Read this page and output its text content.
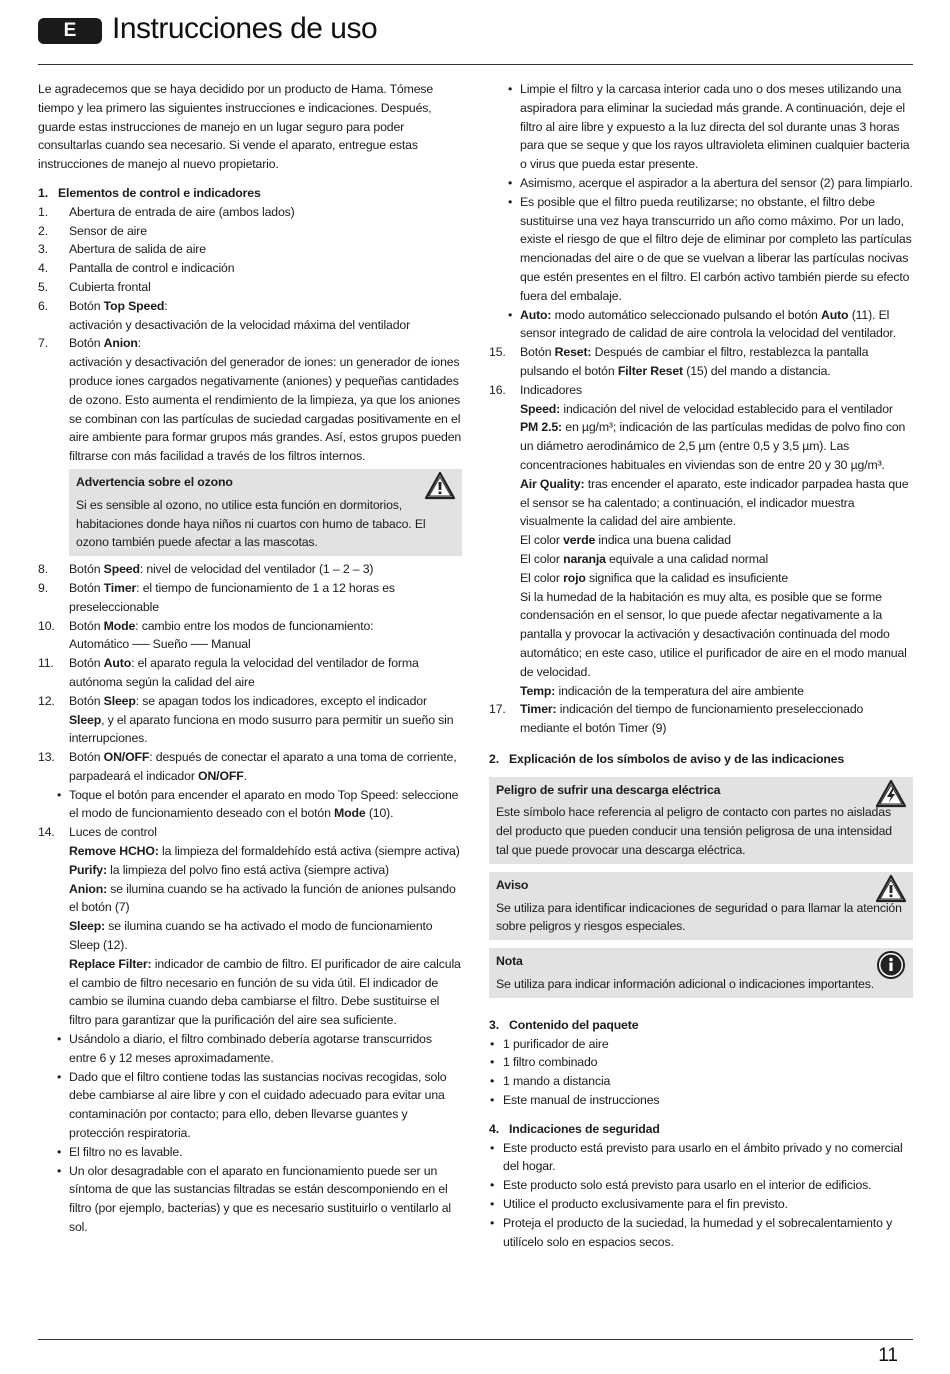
E	Instrucciones de uso

Le agradecemos que se haya decidido por un producto de Hama. Tómese tiempo y lea primero las siguientes instrucciones e indicaciones. Después, guarde estas instrucciones de manejo en un lugar seguro para poder consultarlas cuando sea necesario. Si vende el aparato, entregue estas instrucciones de manejo al nuevo propietario.

1. Elementos de control e indicadores
1. Abertura de entrada de aire (ambos lados)
2. Sensor de aire
3. Abertura de salida de aire
4. Pantalla de control e indicación
5. Cubierta frontal
6. Botón Top Speed:
activación y desactivación de la velocidad máxima del ventilador
7. Botón Anion:
activación y desactivación del generador de iones: un generador de iones produce iones cargados negativamente (aniones) y pequeñas cantidades de ozono. Esto aumenta el rendimiento de la limpieza, ya que los aniones se combinan con las partículas de suciedad cargadas positivamente en el aire ambiente para formar grupos más grandes. Así, estos grupos pueden filtrarse con más facilidad a través de los filtros internos.
Advertencia sobre el ozono
Si es sensible al ozono, no utilice esta función en dormitorios, habitaciones donde haya niños ni cuartos con humo de tabaco. El ozono también puede afectar a las mascotas.
8. Botón Speed: nivel de velocidad del ventilador (1 – 2 – 3)
9. Botón Timer: el tiempo de funcionamiento de 1 a 12 horas es preseleccionable
10. Botón Mode: cambio entre los modos de funcionamiento:
Automático ── Sueño ── Manual
11. Botón Auto: el aparato regula la velocidad del ventilador de forma autónoma según la calidad del aire
12. Botón Sleep: se apagan todos los indicadores, excepto el indicador Sleep, y el aparato funciona en modo susurro para permitir un sueño sin interrupciones.
13. Botón ON/OFF: después de conectar el aparato a una toma de corriente, parpadeará el indicador ON/OFF.
• Toque el botón para encender el aparato en modo Top Speed: seleccione el modo de funcionamiento deseado con el botón Mode (10).
14. Luces de control
Remove HCHO: la limpieza del formaldehído está activa (siempre activa)
Purify: la limpieza del polvo fino está activa (siempre activa)
Anion: se ilumina cuando se ha activado la función de aniones pulsando el botón (7)
Sleep: se ilumina cuando se ha activado el modo de funcionamiento Sleep (12).
Replace Filter: indicador de cambio de filtro. El purificador de aire calcula el cambio de filtro necesario en función de su vida útil. El indicador de cambio se ilumina cuando deba cambiarse el filtro. Debe sustituirse el filtro para garantizar que la purificación del aire sea suficiente.
• Usándolo a diario, el filtro combinado debería agotarse transcurridos entre 6 y 12 meses aproximadamente.
• Dado que el filtro contiene todas las sustancias nocivas recogidas, solo debe cambiarse al aire libre y con el cuidado adecuado para evitar una contaminación por contacto; para ello, deben llevarse guantes y protección respiratoria.
• El filtro no es lavable.
• Un olor desagradable con el aparato en funcionamiento puede ser un síntoma de que las sustancias filtradas se están descomponiendo en el filtro (por ejemplo, bacterias) y que es necesario sustituirlo o ventilarlo al sol.
• Limpie el filtro y la carcasa interior cada uno o dos meses utilizando una aspiradora para eliminar la suciedad más grande. A continuación, deje el filtro al aire libre y expuesto a la luz directa del sol durante unas 3 horas para que se seque y que los rayos ultravioleta eliminen cualquier bacteria o virus que pueda estar presente.
• Asimismo, acerque el aspirador a la abertura del sensor (2) para limpiarlo.
• Es posible que el filtro pueda reutilizarse; no obstante, el filtro debe sustituirse una vez haya transcurrido un año como máximo. Por un lado, existe el riesgo de que el filtro deje de eliminar por completo las partículas mencionadas del aire o de que se vuelvan a liberar las partículas nocivas que estén presentes en el filtro. El carbón activo también pierde su efecto fuera del embalaje.
• Auto: modo automático seleccionado pulsando el botón Auto (11). El sensor integrado de calidad de aire controla la velocidad del ventilador.
15. Botón Reset: Después de cambiar el filtro, restablezca la pantalla pulsando el botón Filter Reset (15) del mando a distancia.
16. Indicadores
Speed: indicación del nivel de velocidad establecido para el ventilador
PM 2.5: en µg/m³; indicación de las partículas medidas de polvo fino con un diámetro aerodinámico de 2,5 µm (entre 0,5 y 3,5 µm). Las concentraciones habituales en viviendas son de entre 20 y 30 µg/m³.
Air Quality: tras encender el aparato, este indicador parpadea hasta que el sensor se ha calentado; a continuación, el indicador muestra visualmente la calidad del aire ambiente.
El color verde indica una buena calidad
El color naranja equivale a una calidad normal
El color rojo significa que la calidad es insuficiente
Si la humedad de la habitación es muy alta, es posible que se forme condensación en el sensor, lo que puede afectar negativamente a la pantalla y provocar la activación y desactivación continuada del modo automático; en este caso, utilice el purificador de aire en el modo manual de velocidad.
Temp: indicación de la temperatura del aire ambiente
17. Timer: indicación del tiempo de funcionamiento preseleccionado mediante el botón Timer (9)
2. Explicación de los símbolos de aviso y de las indicaciones
Peligro de sufrir una descarga eléctrica
Este símbolo hace referencia al peligro de contacto con partes no aisladas del producto que pueden conducir una tensión peligrosa de una intensidad tal que puede provocar una descarga eléctrica.
Aviso
Se utiliza para identificar indicaciones de seguridad o para llamar la atención sobre peligros y riesgos especiales.
Nota
Se utiliza para indicar información adicional o indicaciones importantes.
3. Contenido del paquete
• 1 purificador de aire
• 1 filtro combinado
• 1 mando a distancia
• Este manual de instrucciones
4. Indicaciones de seguridad
• Este producto está previsto para usarlo en el ámbito privado y no comercial del hogar.
• Este producto solo está previsto para usarlo en el interior de edificios.
• Utilice el producto exclusivamente para el fin previsto.
• Proteja el producto de la suciedad, la humedad y el sobrecalentamiento y utilícelo solo en espacios secos.
11
